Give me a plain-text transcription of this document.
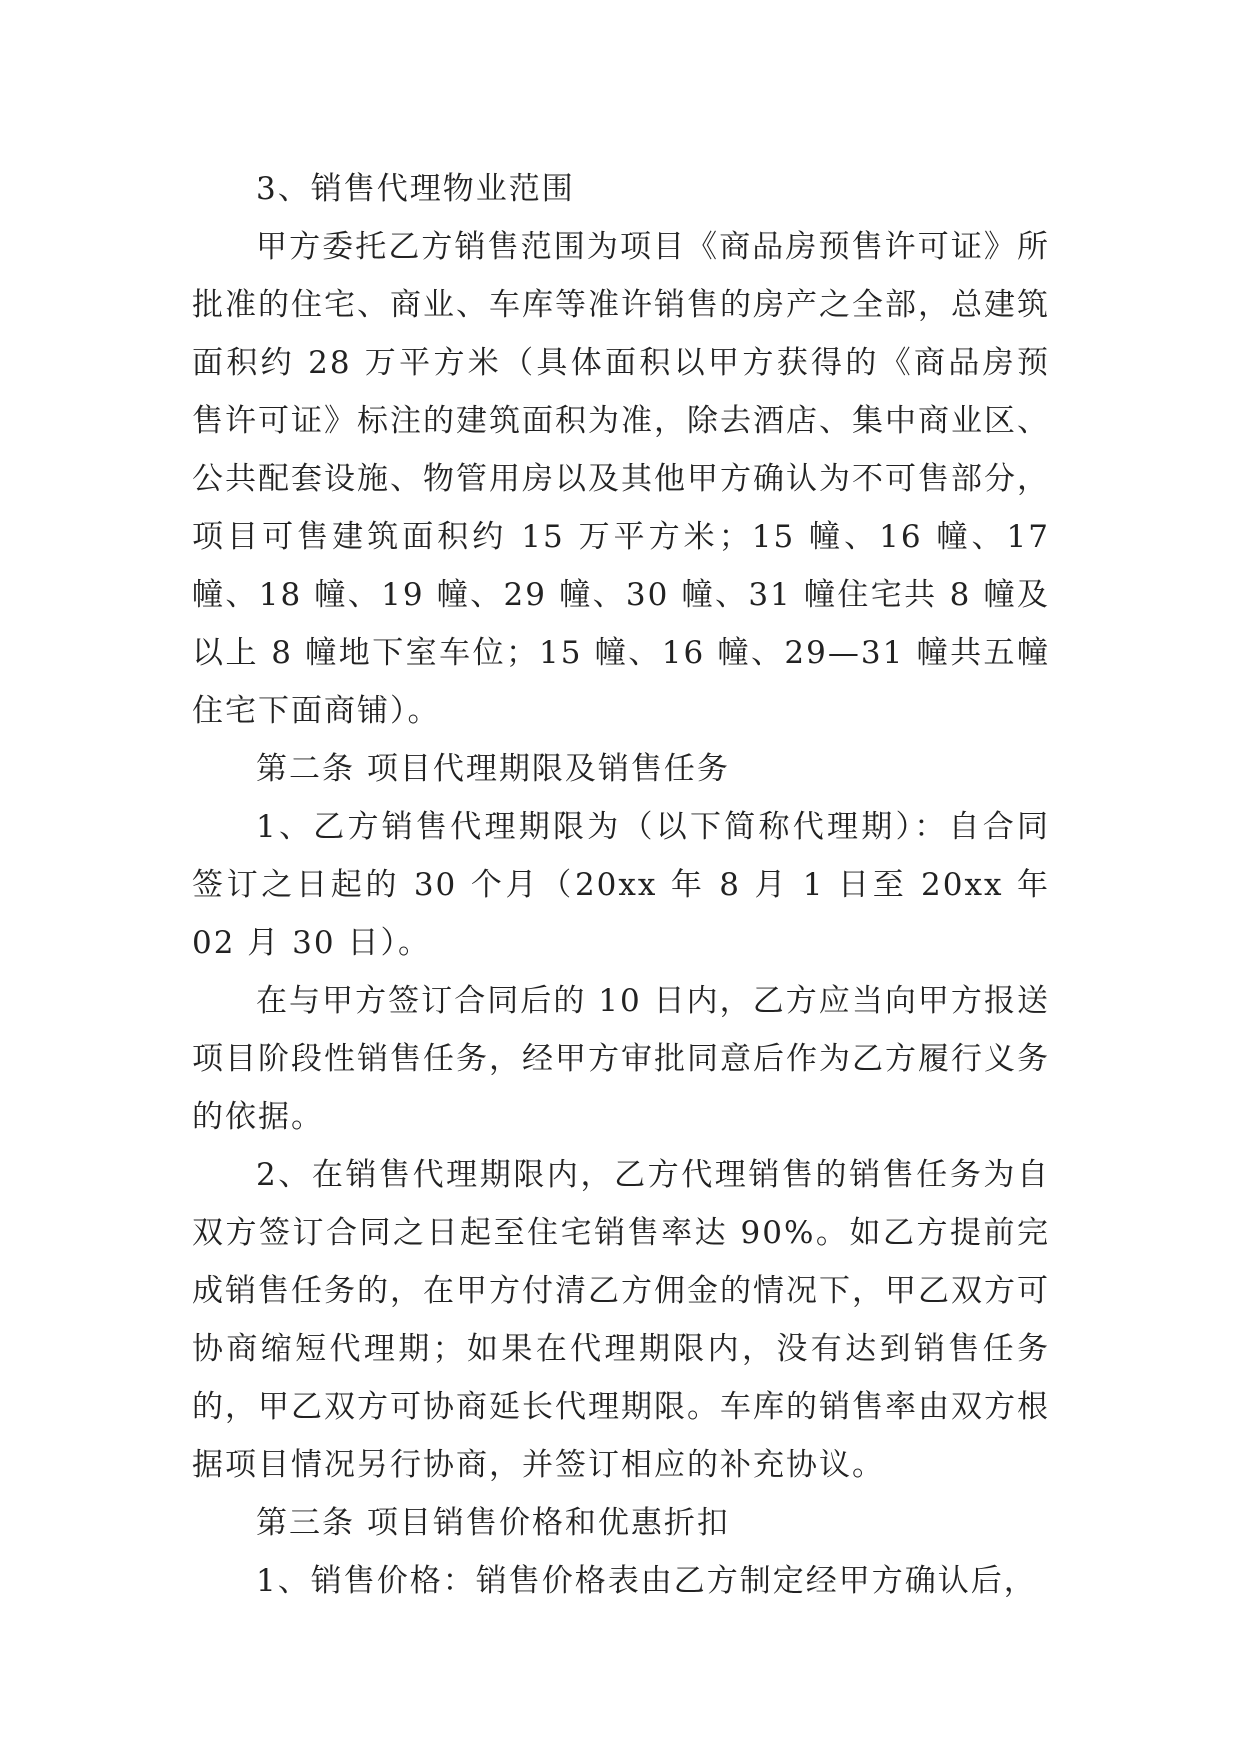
3、销售代理物业范围

甲方委托乙方销售范围为项目《商品房预售许可证》所批准的住宅、商业、车库等准许销售的房产之全部，总建筑面积约 28 万平方米（具体面积以甲方获得的《商品房预售许可证》标注的建筑面积为准，除去酒店、集中商业区、公共配套设施、物管用房以及其他甲方确认为不可售部分，项目可售建筑面积约 15 万平方米；15 幢、16 幢、17 幢、18 幢、19 幢、29 幢、30 幢、31 幢住宅共 8 幢及以上 8 幢地下室车位；15 幢、16 幢、29—31 幢共五幢住宅下面商铺）。

第二条 项目代理期限及销售任务

1、乙方销售代理期限为（以下简称代理期）：自合同签订之日起的 30 个月（20xx 年 8 月 1 日至 20xx 年 02 月 30 日）。

在与甲方签订合同后的 10 日内，乙方应当向甲方报送项目阶段性销售任务，经甲方审批同意后作为乙方履行义务的依据。

2、在销售代理期限内，乙方代理销售的销售任务为自双方签订合同之日起至住宅销售率达 90%。如乙方提前完成销售任务的，在甲方付清乙方佣金的情况下，甲乙双方可协商缩短代理期；如果在代理期限内，没有达到销售任务的，甲乙双方可协商延长代理期限。车库的销售率由双方根据项目情况另行协商，并签订相应的补充协议。

第三条 项目销售价格和优惠折扣

1、销售价格：销售价格表由乙方制定经甲方确认后，
